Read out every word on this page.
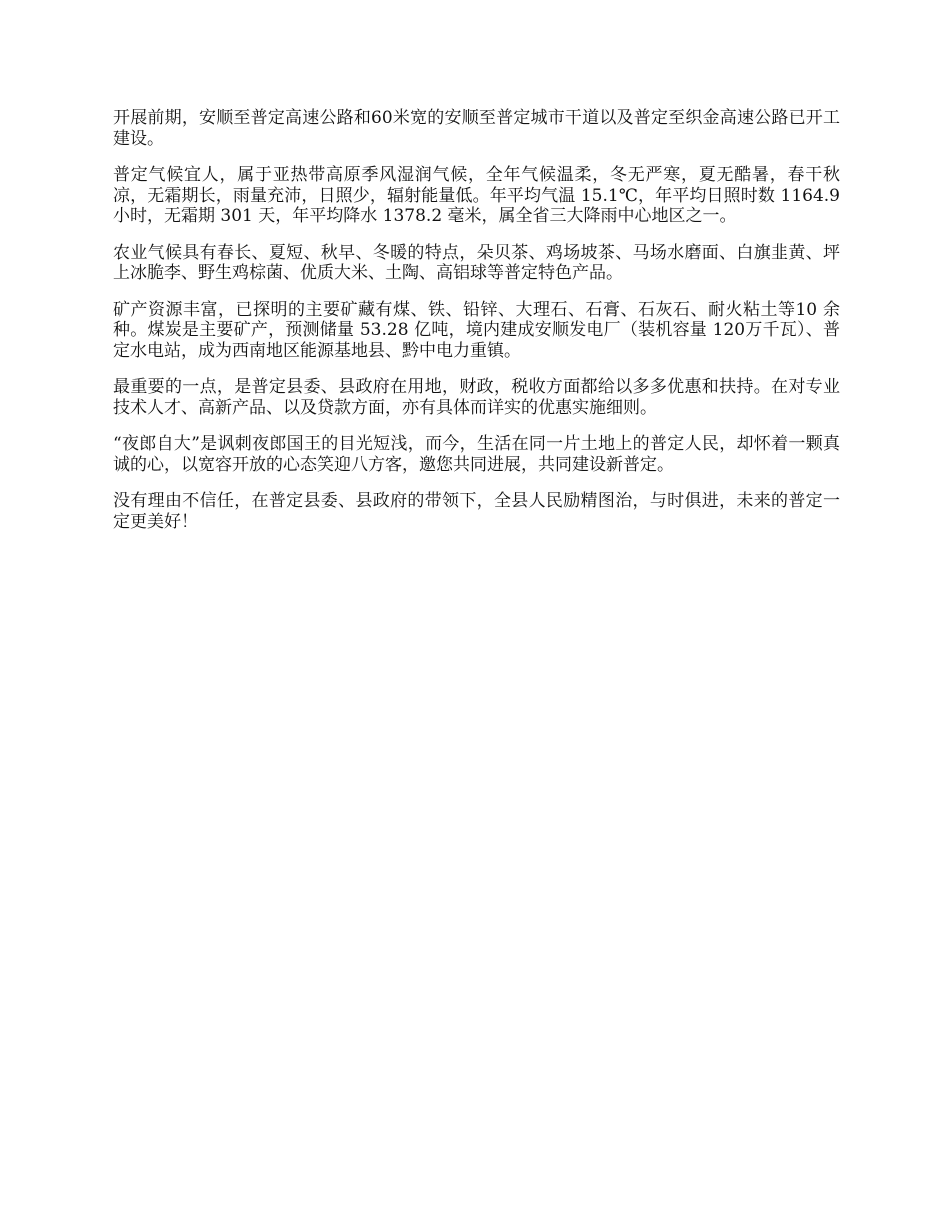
开展前期，安顺至普定高速公路和60米宽的安顺至普定城市干道以及普定至织金高速公路已开工建设。

普定气候宜人，属于亚热带高原季风湿润气候，全年气候温柔，冬无严寒，夏无酷暑，春干秋凉，无霜期长，雨量充沛，日照少，辐射能量低。年平均气温 15.1℃，年平均日照时数 1164.9 小时，无霜期 301 天，年平均降水 1378.2 毫米，属全省三大降雨中心地区之一。

农业气候具有春长、夏短、秋早、冬暖的特点，朵贝茶、鸡场坡茶、马场水磨面、白旗韭黄、坪上冰脆李、野生鸡棕菌、优质大米、土陶、高铝球等普定特色产品。

矿产资源丰富，已探明的主要矿藏有煤、铁、铅锌、大理石、石膏、石灰石、耐火粘土等10 余种。煤炭是主要矿产，预测储量 53.28 亿吨，境内建成安顺发电厂（装机容量 120万千瓦）、普定水电站，成为西南地区能源基地县、黔中电力重镇。

最重要的一点，是普定县委、县政府在用地，财政，税收方面都给以多多优惠和扶持。在对专业技术人才、高新产品、以及贷款方面，亦有具体而详实的优惠实施细则。

“夜郎自大”是讽刺夜郎国王的目光短浅，而今，生活在同一片土地上的普定人民，却怀着一颗真诚的心，以宽容开放的心态笑迎八方客，邀您共同进展，共同建设新普定。

没有理由不信任，在普定县委、县政府的带领下，全县人民励精图治，与时俱进，未来的普定一定更美好！
